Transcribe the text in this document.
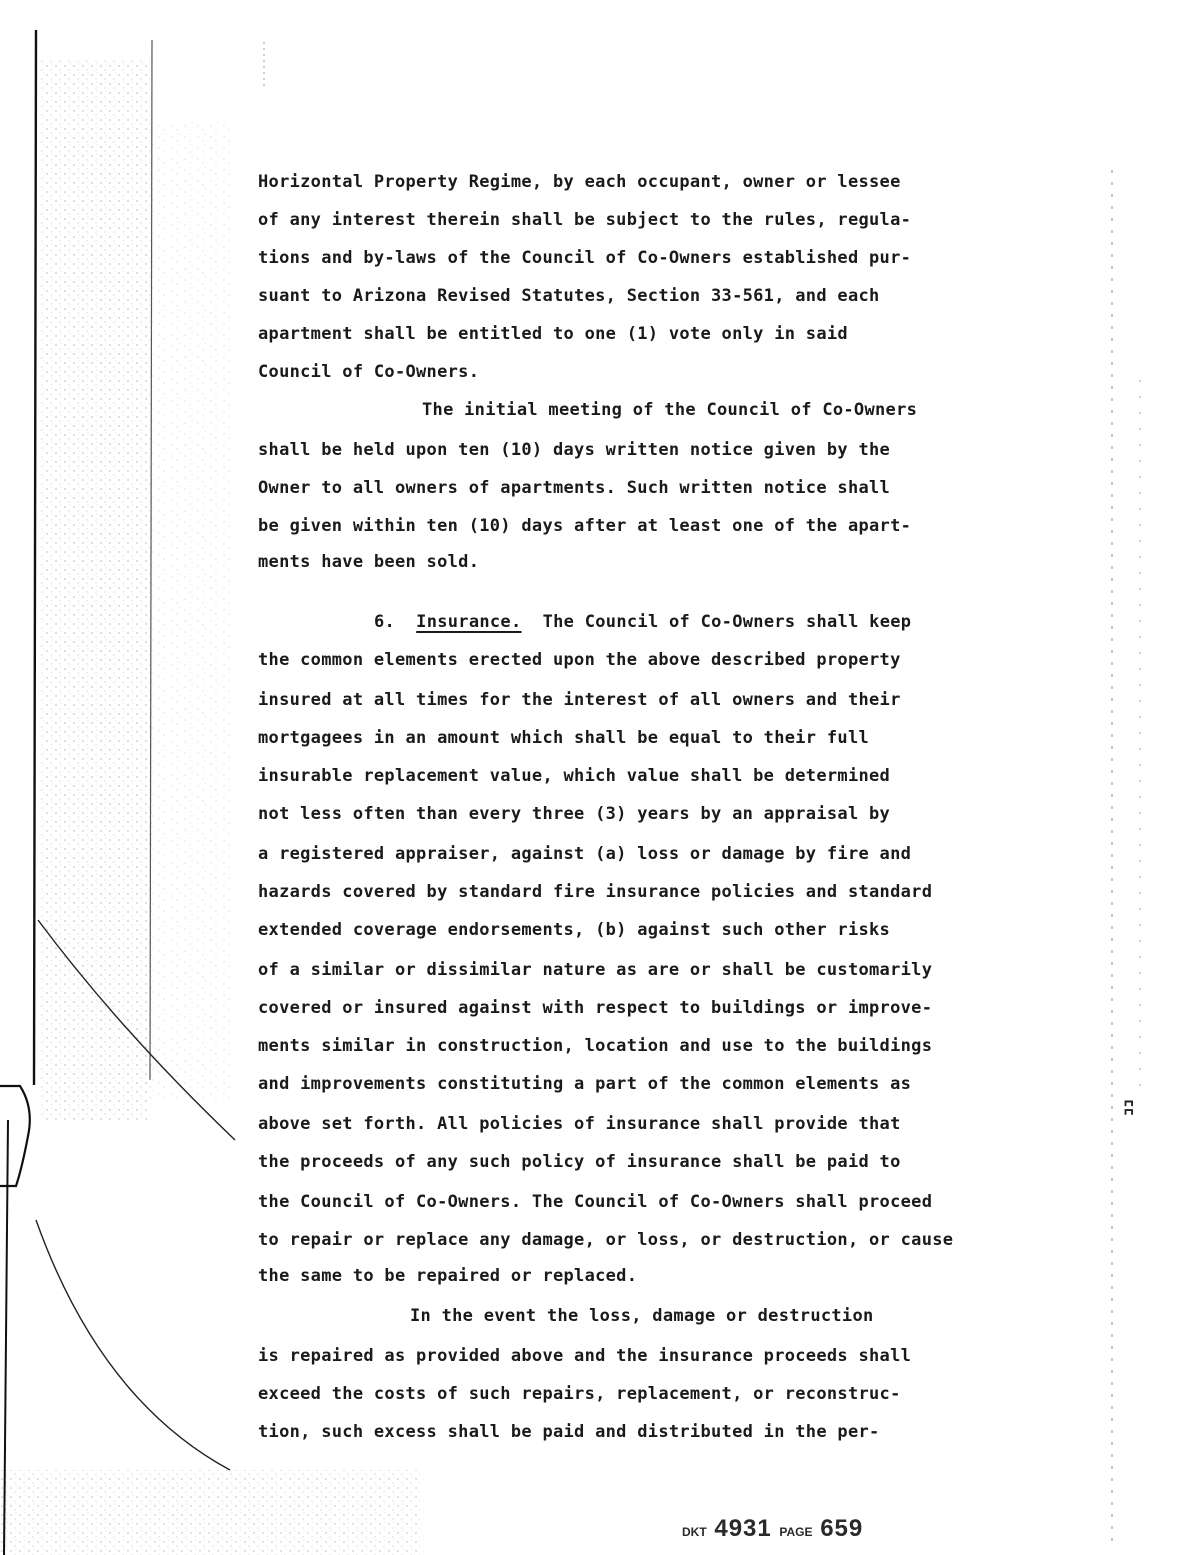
Horizontal Property Regime, by each occupant, owner or lessee
of any interest therein shall be subject to the rules, regula-
tions and by-laws of the Council of Co-Owners established pur-
suant to Arizona Revised Statutes, Section 33-561, and each
apartment shall be entitled to one (1) vote only in said
Council of Co-Owners.
The initial meeting of the Council of Co-Owners
shall be held upon ten (10) days written notice given by the
Owner to all owners of apartments. Such written notice shall
be given within ten (10) days after at least one of the apart-
ments have been sold.
6. Insurance. The Council of Co-Owners shall keep
the common elements erected upon the above described property
insured at all times for the interest of all owners and their
mortgagees in an amount which shall be equal to their full
insurable replacement value, which value shall be determined
not less often than every three (3) years by an appraisal by
a registered appraiser, against (a) loss or damage by fire and
hazards covered by standard fire insurance policies and standard
extended coverage endorsements, (b) against such other risks
of a similar or dissimilar nature as are or shall be customarily
covered or insured against with respect to buildings or improve-
ments similar in construction, location and use to the buildings
and improvements constituting a part of the common elements as
above set forth. All policies of insurance shall provide that
the proceeds of any such policy of insurance shall be paid to
the Council of Co-Owners. The Council of Co-Owners shall proceed
to repair or replace any damage, or loss, or destruction, or cause
the same to be repaired or replaced.
In the event the loss, damage or destruction
is repaired as provided above and the insurance proceeds shall
exceed the costs of such repairs, replacement, or reconstruc-
tion, such excess shall be paid and distributed in the per-
ʭ
DKT 4931 PAGE 659
